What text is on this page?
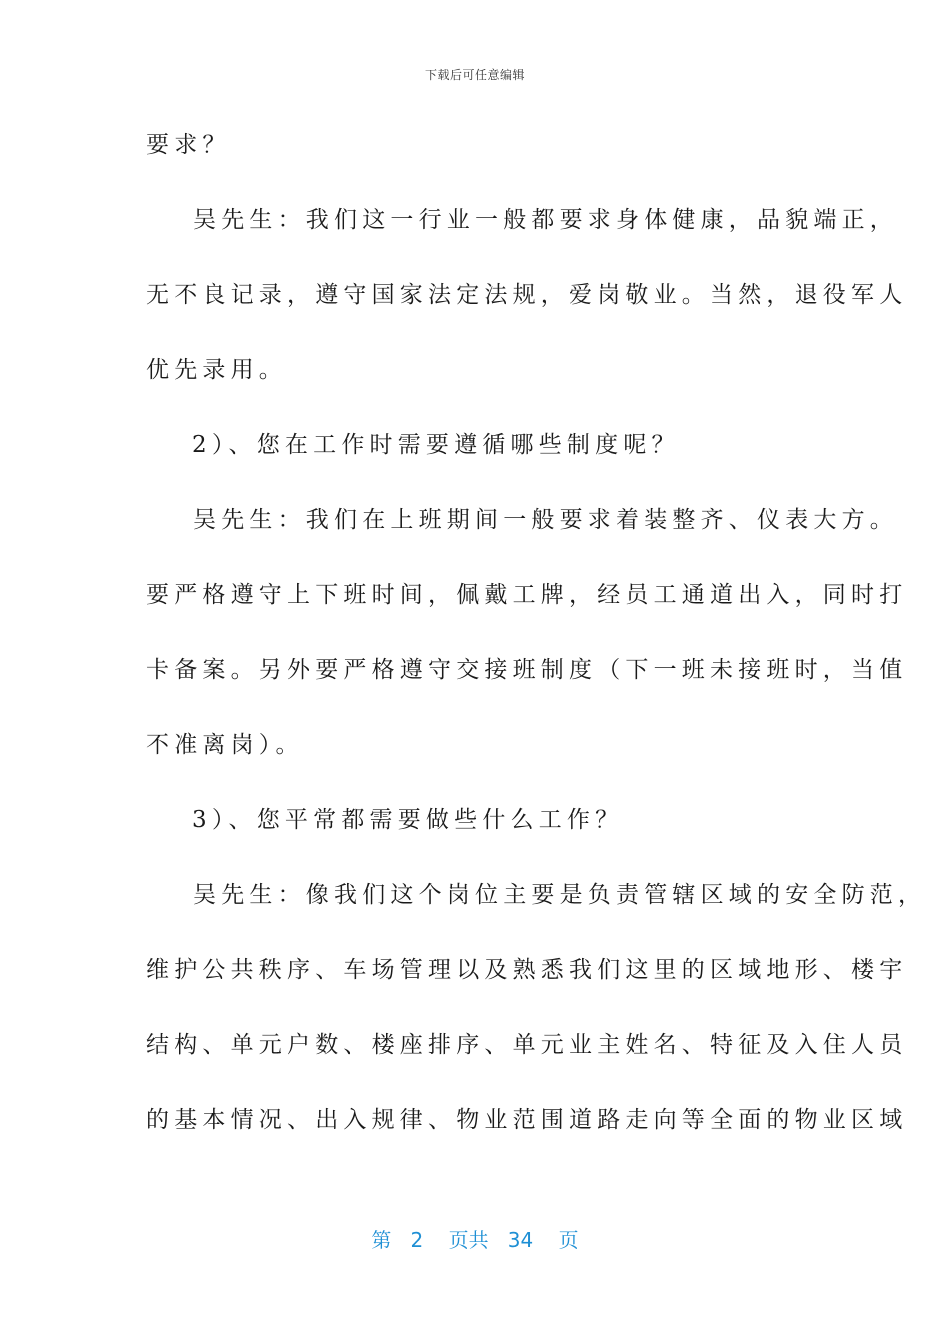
下载后可任意编辑
要求？
吴先生：我们这一行业一般都要求身体健康，品貌端正，
无不良记录，遵守国家法定法规，爱岗敬业。当然，退役军人
优先录用。
2）、您在工作时需要遵循哪些制度呢？
吴先生：我们在上班期间一般要求着装整齐、仪表大方。
要严格遵守上下班时间，佩戴工牌，经员工通道出入，同时打
卡备案。另外要严格遵守交接班制度（下一班未接班时，当值
不准离岗）。
3）、您平常都需要做些什么工作？
吴先生：像我们这个岗位主要是负责管辖区域的安全防范，
维护公共秩序、车场管理以及熟悉我们这里的区域地形、楼宇
结构、单元户数、楼座排序、单元业主姓名、特征及入住人员
的基本情况、出入规律、物业范围道路走向等全面的物业区域
第 2 页共 34 页
